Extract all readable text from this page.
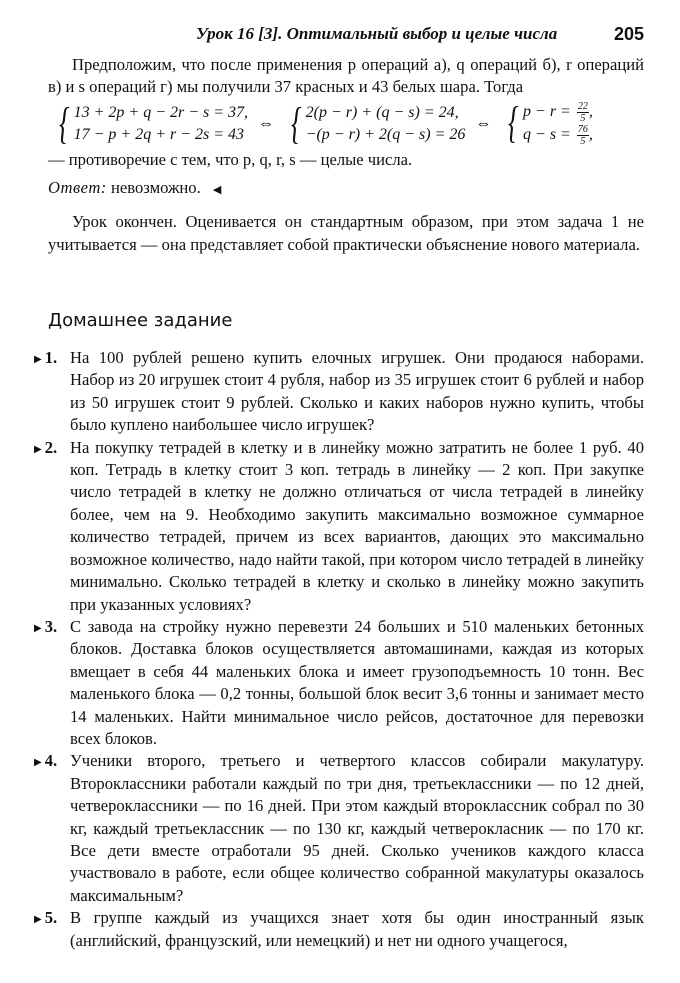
Урок 16 [3]. Оптимальный выбор и целые числа	205

Предположим, что после применения p операций а), q операций б), r операций в) и s операций г) мы получили 37 красных и 43 белых шара. Тогда

{ 13 + 2p + q − 2r − s = 37,
17 − p + 2q + r − 2s = 43
⇔ { 2(p − r) + (q − s) = 24,
−(p − r) + 2(q − s) = 26
⇔ { $p - r = \frac{22}{5}$ ,
$q - s = \frac{76}{5}$ ,

— противоречие с тем, что p, q, r, s — целые числа.

Ответ: невозможно. ◀

Урок окончен. Оценивается он стандартным образом, при этом задача 1 не учитывается — она представляет собой практически объяснение нового материала.

Домашнее задание
▶ 1. На 100 рублей решено купить елочных игрушек. Они продаюся наборами. Набор из 20 игрушек стоит 4 рубля, набор из 35 игрушек стоит 6 рублей и набор из 50 игрушек стоит 9 рублей. Сколько и каких наборов нужно купить, чтобы было куплено наибольшее число игрушек?
▶ 2. На покупку тетрадей в клетку и в линейку можно затратить не более 1 руб. 40 коп. Тетрадь в клетку стоит 3 коп. тетрадь в линейку — 2 коп. При закупке число тетрадей в клетку не должно отличаться от числа тетрадей в линейку более, чем на 9. Необходимо закупить максимально возможное суммарное количество тетрадей, причем из всех вариантов, дающих это максимально возможное количество, надо найти такой, при котором число тетрадей в линейку минимально. Сколько тетрадей в клетку и сколько в линейку можно закупить при указанных условиях?
▶ 3. С завода на стройку нужно перевезти 24 больших и 510 маленьких бетонных блоков. Доставка блоков осуществляется автомашинами, каждая из которых вмещает в себя 44 маленьких блока и имеет грузоподъемность 10 тонн. Вес маленького блока — 0,2 тонны, большой блок весит 3,6 тонны и занимает место 14 маленьких. Найти минимальное число рейсов, достаточное для перевозки всех блоков.
▶ 4. Ученики второго, третьего и четвертого классов собирали макулатуру. Второклассники работали каждый по три дня, третьеклассники — по 12 дней, четвероклассники — по 16 дней. При этом каждый второклассник собрал по 30 кг, каждый третьеклассник — по 130 кг, каждый четверокласник — по 170 кг. Все дети вместе отработали 95 дней. Сколько учеников каждого класса участвовало в работе, если общее количество собранной макулатуры оказалось максимальным?
▶ 5. В группе каждый из учащихся знает хотя бы один иностранный язык (английский, французский, или немецкий) и нет ни одного учащегося,
